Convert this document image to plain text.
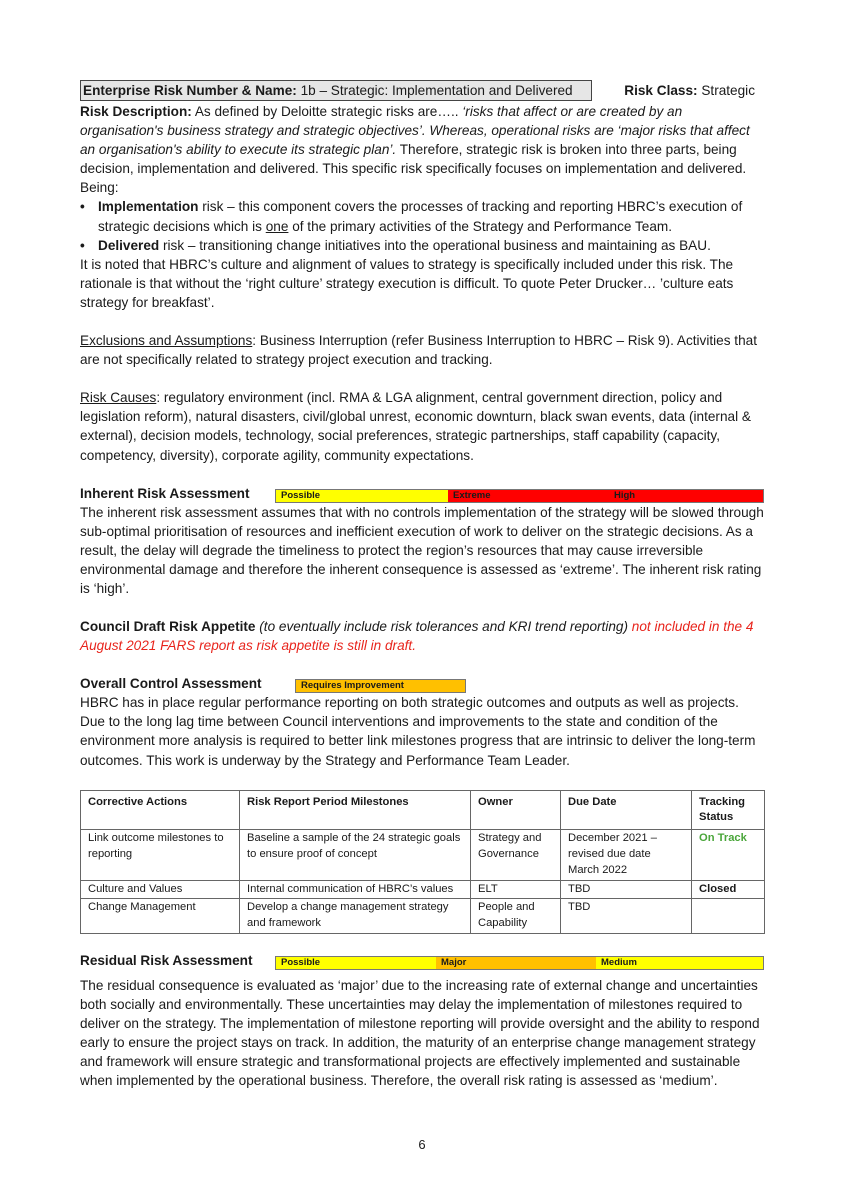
Enterprise Risk Number & Name: 1b – Strategic: Implementation and Delivered	Risk Class: Strategic

Risk Description: As defined by Deloitte strategic risks are….. ‘risks that affect or are created by an organisation's business strategy and strategic objectives’. Whereas, operational risks are ‘major risks that affect an organisation's ability to execute its strategic plan’. Therefore, strategic risk is broken into three parts, being decision, implementation and delivered. This specific risk specifically focuses on implementation and delivered. Being:

• Implementation risk – this component covers the processes of tracking and reporting HBRC’s execution of strategic decisions which is one of the primary activities of the Strategy and Performance Team.

• Delivered risk – transitioning change initiatives into the operational business and maintaining as BAU.

It is noted that HBRC’s culture and alignment of values to strategy is specifically included under this risk. The rationale is that without the ‘right culture’ strategy execution is difficult. To quote Peter Drucker… ’culture eats strategy for breakfast’.

Exclusions and Assumptions: Business Interruption (refer Business Interruption to HBRC – Risk 9). Activities that are not specifically related to strategy project execution and tracking.

Risk Causes: regulatory environment (incl. RMA & LGA alignment, central government direction, policy and legislation reform), natural disasters, civil/global unrest, economic downturn, black swan events, data (internal & external), decision models, technology, social preferences, strategic partnerships, staff capability (capacity, competency, diversity), corporate agility, community expectations.

Inherent Risk Assessment	Possible	Extreme	High

The inherent risk assessment assumes that with no controls implementation of the strategy will be slowed through sub-optimal prioritisation of resources and inefficient execution of work to deliver on the strategic decisions. As a result, the delay will degrade the timeliness to protect the region’s resources that may cause irreversible environmental damage and therefore the inherent consequence is assessed as ‘extreme’. The inherent risk rating is ‘high’.

Council Draft Risk Appetite (to eventually include risk tolerances and KRI trend reporting) not included in the 4 August 2021 FARS report as risk appetite is still in draft.

Overall Control Assessment	Requires Improvement

HBRC has in place regular performance reporting on both strategic outcomes and outputs as well as projects. Due to the long lag time between Council interventions and improvements to the state and condition of the environment more analysis is required to better link milestones progress that are intrinsic to deliver the long-term outcomes. This work is underway by the Strategy and Performance Team Leader.

Corrective Actions	Risk Report Period Milestones	Owner	Due Date	Tracking Status
Link outcome milestones to reporting	Baseline a sample of the 24 strategic goals to ensure proof of concept	Strategy and Governance	December 2021 – revised due date March 2022	On Track
Culture and Values	Internal communication of HBRC’s values	ELT	TBD	Closed
Change Management	Develop a change management strategy and framework	People and Capability	TBD	
Residual Risk Assessment	Possible	Major	Medium

The residual consequence is evaluated as ‘major’ due to the increasing rate of external change and uncertainties both socially and environmentally. These uncertainties may delay the implementation of milestones required to deliver on the strategy. The implementation of milestone reporting will provide oversight and the ability to respond early to ensure the project stays on track. In addition, the maturity of an enterprise change management strategy and framework will ensure strategic and transformational projects are effectively implemented and sustainable when implemented by the operational business. Therefore, the overall risk rating is assessed as ‘medium’.

6
